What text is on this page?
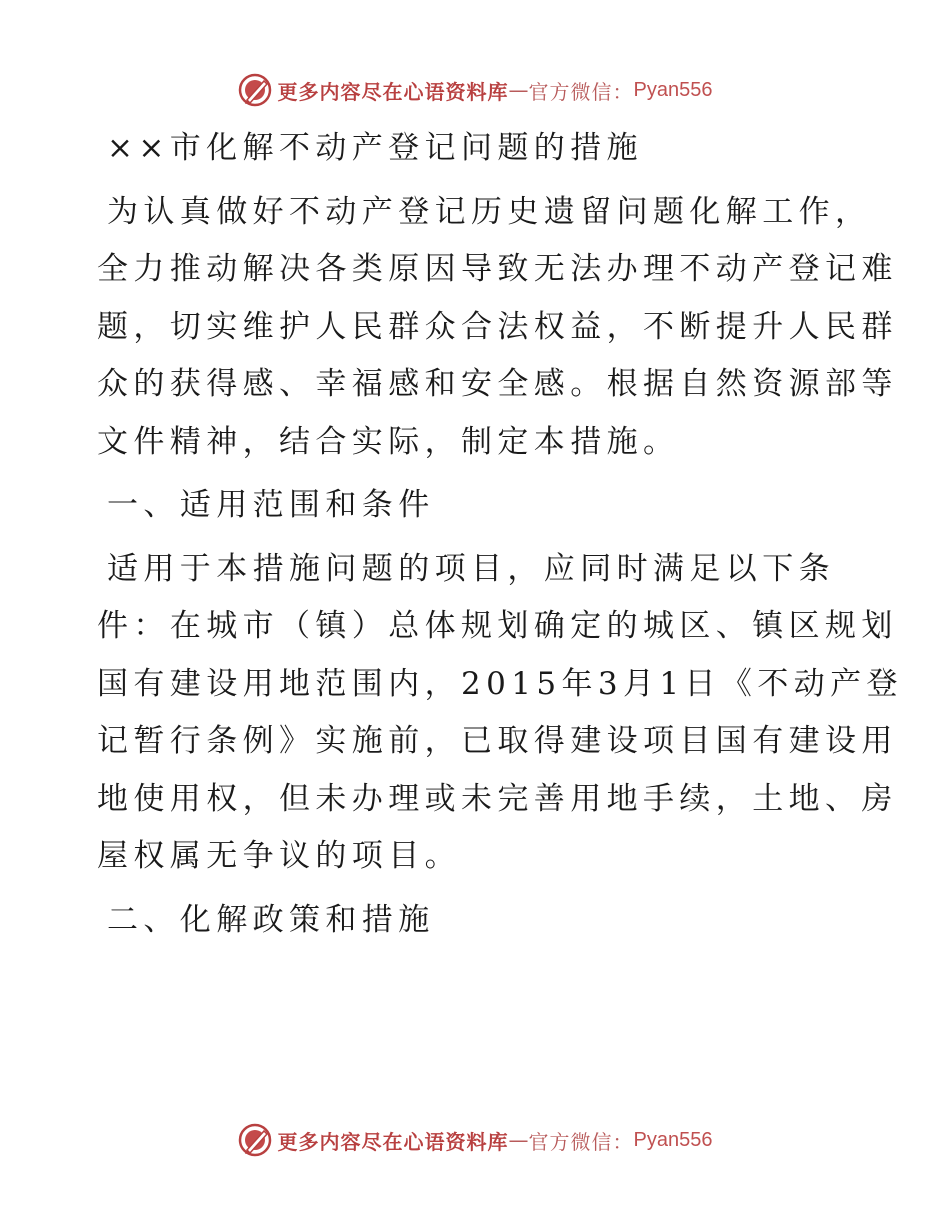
更多内容尽在心语资料库 — 官方微信： Pyan556
××市化解不动产登记问题的措施
为认真做好不动产登记历史遗留问题化解工作，
全力推动解决各类原因导致无法办理不动产登记难
题，切实维护人民群众合法权益，不断提升人民群
众的获得感、幸福感和安全感。根据自然资源部等
文件精神，结合实际，制定本措施。
一、适用范围和条件
适用于本措施问题的项目，应同时满足以下条
件：在城市（镇）总体规划确定的城区、镇区规划
国有建设用地范围内，2015年3月1日《不动产登
记暂行条例》实施前，已取得建设项目国有建设用
地使用权，但未办理或未完善用地手续，土地、房
屋权属无争议的项目。
二、化解政策和措施
更多内容尽在心语资料库 — 官方微信： Pyan556
